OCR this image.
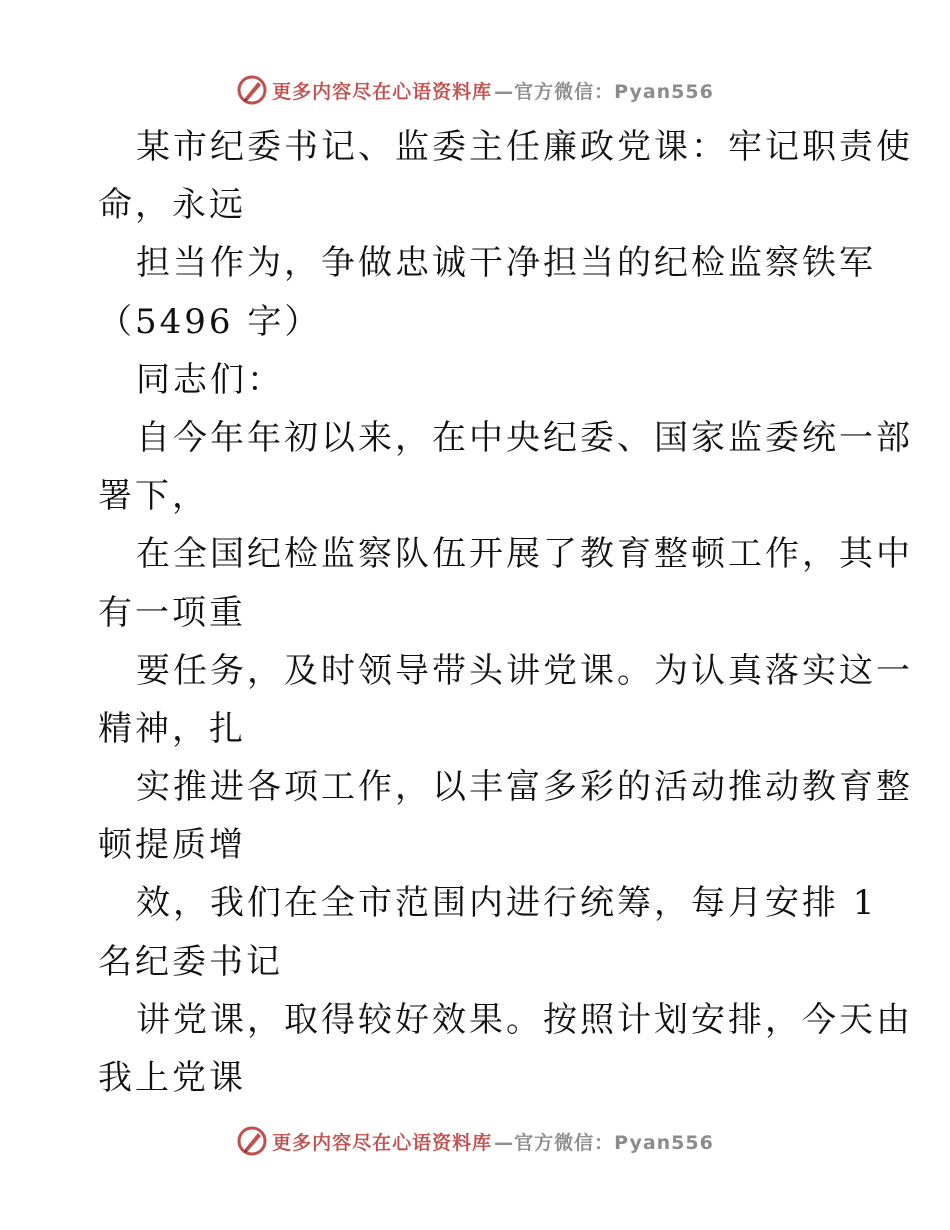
更多内容尽在心语资料库 —官方微信：Pyan556
某市纪委书记、监委主任廉政党课：牢记职责使
命，永远
担当作为，争做忠诚干净担当的纪检监察铁军
（5496 字）
同志们：
自今年年初以来，在中央纪委、国家监委统一部
署下，
在全国纪检监察队伍开展了教育整顿工作，其中
有一项重
要任务，及时领导带头讲党课。为认真落实这一
精神，扎
实推进各项工作，以丰富多彩的活动推动教育整
顿提质增
效，我们在全市范围内进行统筹，每月安排 1
名纪委书记
讲党课，取得较好效果。按照计划安排，今天由
我上党课
更多内容尽在心语资料库 —官方微信：Pyan556
